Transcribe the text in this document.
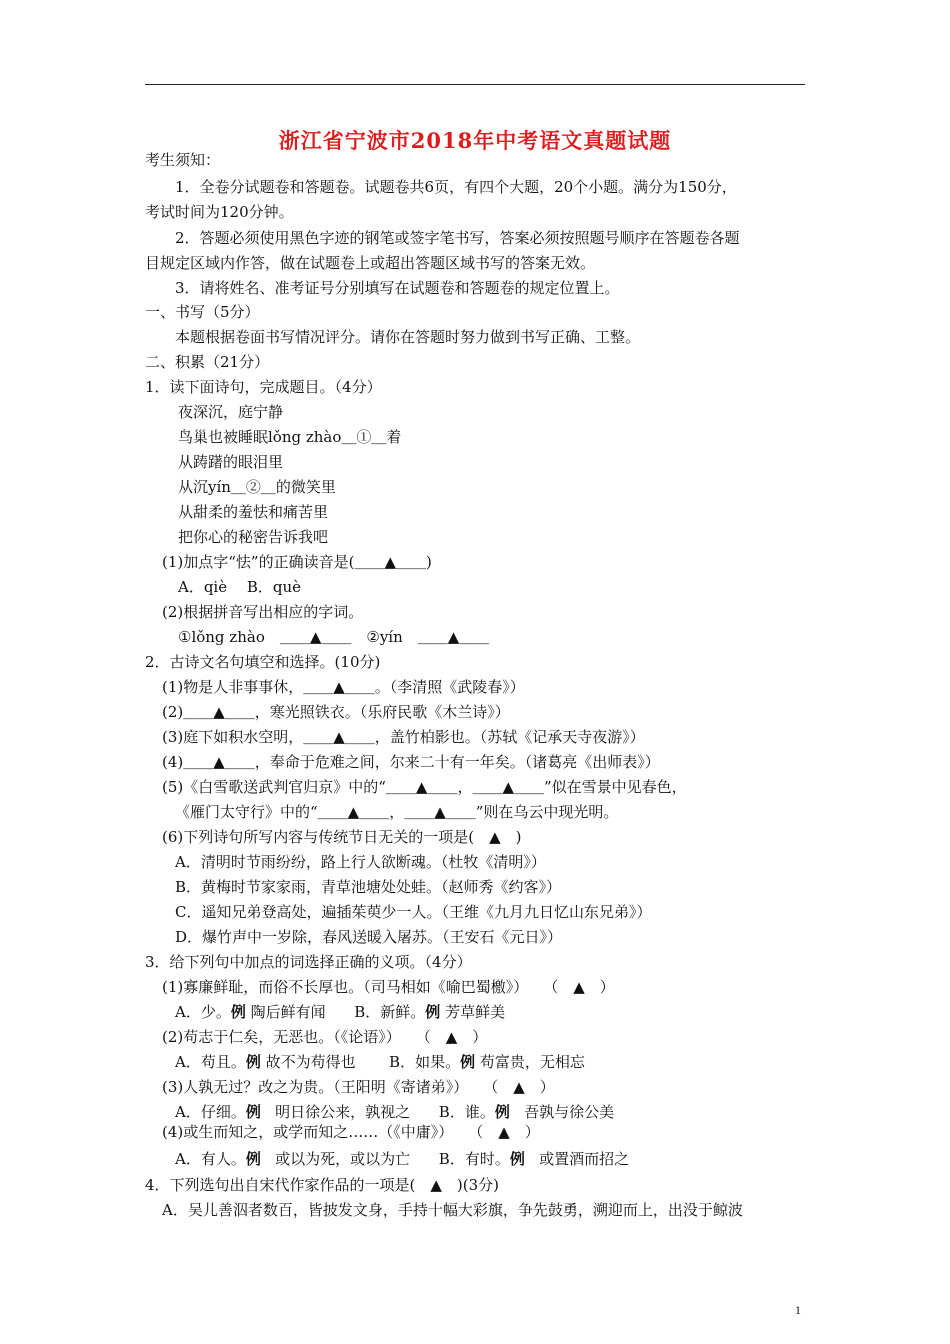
浙江省宁波市2018年中考语文真题试题
考生须知：
1．全卷分试题卷和答题卷。试题卷共6页，有四个大题，20个小题。满分为150分，
考试时间为120分钟。
2．答题必须使用黑色字迹的钢笔或签字笔书写，答案必须按照题号顺序在答题卷各题
目规定区域内作答，做在试题卷上或超出答题区域书写的答案无效。
3．请将姓名、准考证号分别填写在试题卷和答题卷的规定位置上。
一、书写（5分）
本题根据卷面书写情况评分。请你在答题时努力做到书写正确、工整。
二、积累（21分）
1．读下面诗句，完成题目。（4分）
夜深沉，庭宁静
鸟巢也被睡眠lǒng zhào＿①＿着
从踌躇的眼泪里
从沉yín＿②＿的微笑里
从甜柔的羞怯和痛苦里
把你心的秘密告诉我吧
(1)加点字“怯”的正确读音是(＿＿▲＿＿)
A．qiè　 B．què
(2)根据拼音写出相应的字词。
①lǒng zhào　＿＿▲＿＿　②yín　＿＿▲＿＿
2．古诗文名句填空和选择。(10分)
(1)物是人非事事休，＿＿▲＿＿。（李清照《武陵春》）
(2)＿＿▲＿＿，寒光照铁衣。（乐府民歌《木兰诗》）
(3)庭下如积水空明，＿＿▲＿＿，盖竹柏影也。（苏轼《记承天寺夜游》）
(4)＿＿▲＿＿，奉命于危难之间，尔来二十有一年矣。（诸葛亮《出师表》）
(5)《白雪歌送武判官归京》中的“＿＿▲＿＿，＿＿▲＿＿”似在雪景中见春色，
《雁门太守行》中的“＿＿▲＿＿，＿＿▲＿＿”则在乌云中现光明。
(6)下列诗句所写内容与传统节日无关的一项是(　▲　)
A．清明时节雨纷纷，路上行人欲断魂。（杜牧《清明》）
B．黄梅时节家家雨，青草池塘处处蛙。（赵师秀《约客》）
C．遥知兄弟登高处，遍插茱萸少一人。（王维《九月九日忆山东兄弟》）
D．爆竹声中一岁除，春风送暖入屠苏。（王安石《元日》）
3．给下列句中加点的词选择正确的义项。（4分）
(1)寡廉鲜耻，而俗不长厚也。（司马相如《喻巴蜀檄》）　　（　▲　）
A．少。例 陶后鲜有闻 B．新鲜。例 芳草鲜美
(2)苟志于仁矣，无恶也。（《论语》）　　（　▲　）
A．苟且。例 故不为苟得也 B．如果。例 苟富贵，无相忘
(3)人孰无过？改之为贵。（王阳明《寄诸弟》）　　（　▲　）
A．仔细。例 明日徐公来，孰视之 B．谁。例 吾孰与徐公美
(4)或生而知之，或学而知之……（《中庸》）　　（　▲　）
A．有人。例 或以为死，或以为亡 B．有时。例 或置酒而招之
4．下列选句出自宋代作家作品的一项是(　▲　)(3分)
A．吴儿善泅者数百，皆披发文身，手持十幅大彩旗，争先鼓勇，溯迎而上，出没于鲸波
1
